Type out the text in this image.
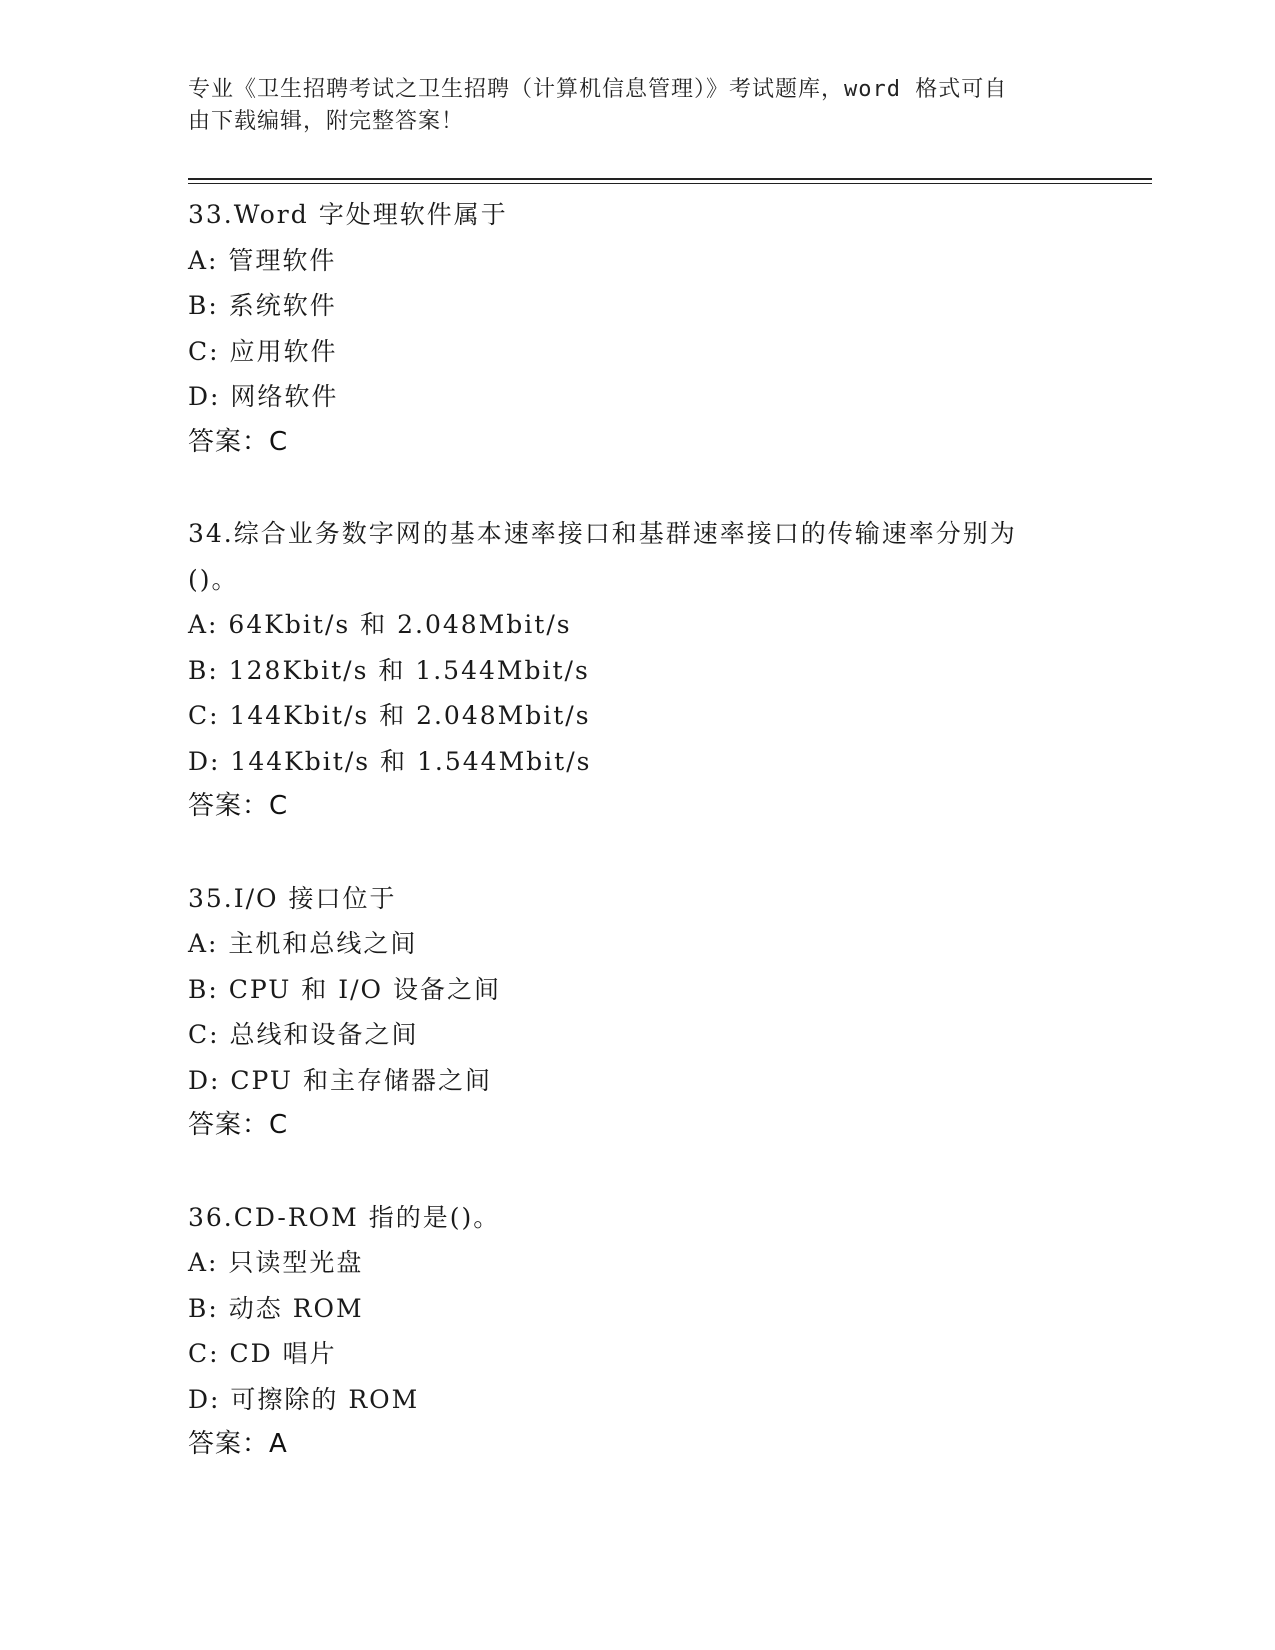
专业《卫生招聘考试之卫生招聘（计算机信息管理）》考试题库，word 格式可自
由下载编辑，附完整答案！
33.Word 字处理软件属于
A: 管理软件
B: 系统软件
C: 应用软件
D: 网络软件
答案：C
34.综合业务数字网的基本速率接口和基群速率接口的传输速率分别为
()。
A: 64Kbit/s 和 2.048Mbit/s
B: 128Kbit/s 和 1.544Mbit/s
C: 144Kbit/s 和 2.048Mbit/s
D: 144Kbit/s 和 1.544Mbit/s
答案：C
35.I/O 接口位于
A: 主机和总线之间
B: CPU 和 I/O 设备之间
C: 总线和设备之间
D: CPU 和主存储器之间
答案：C
36.CD-ROM 指的是()。
A: 只读型光盘
B: 动态 ROM
C: CD 唱片
D: 可擦除的 ROM
答案：A
